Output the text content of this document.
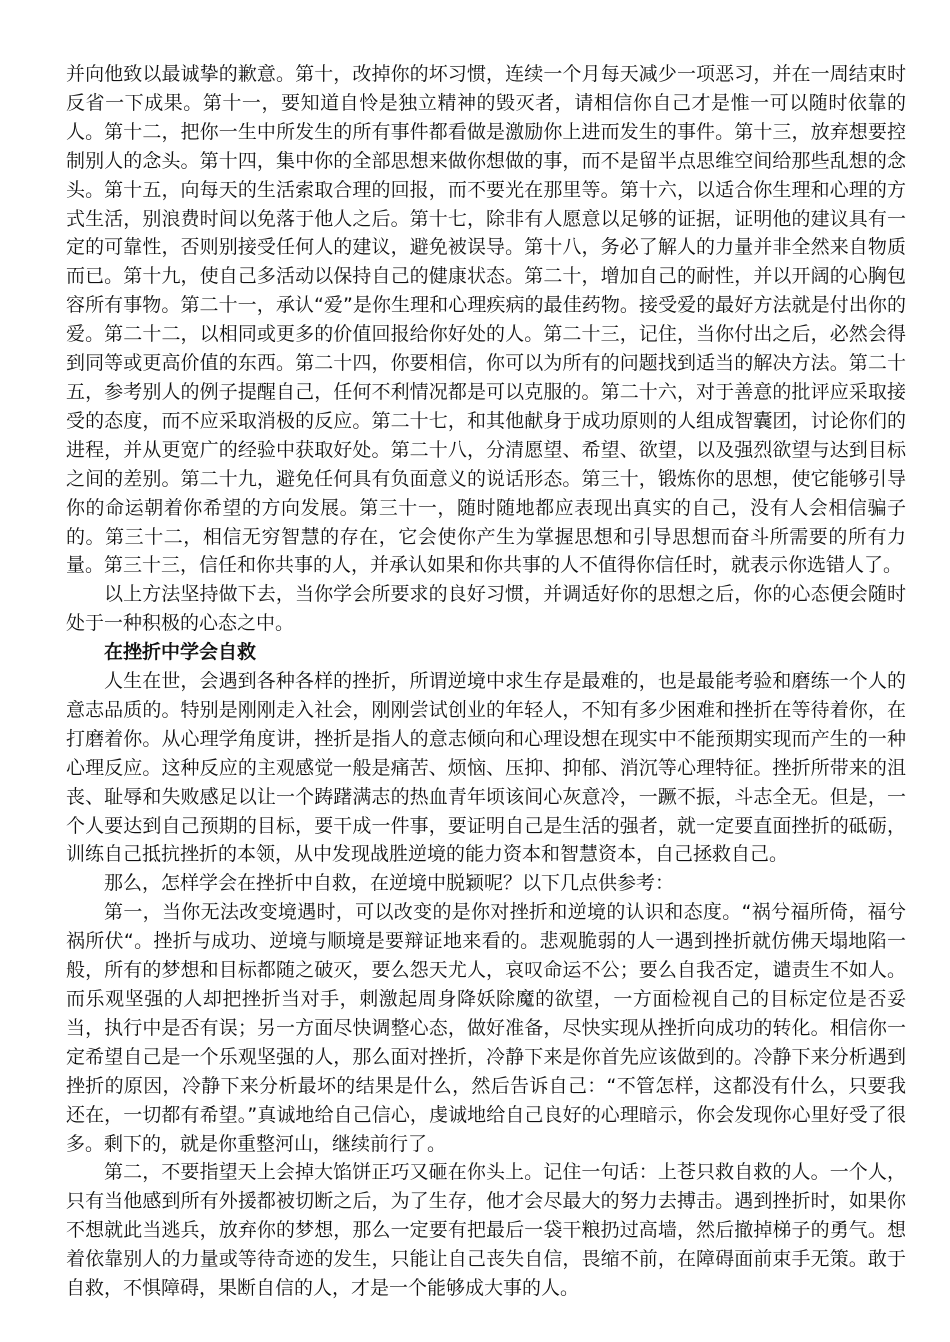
并向他致以最诚挚的歉意。第十，改掉你的坏习惯，连续一个月每天减少一项恶习，并在一周结束时反省一下成果。第十一，要知道自怜是独立精神的毁灭者，请相信你自己才是惟一可以随时依靠的人。第十二，把你一生中所发生的所有事件都看做是激励你上进而发生的事件。第十三，放弃想要控制别人的念头。第十四，集中你的全部思想来做你想做的事，而不是留半点思维空间给那些乱想的念头。第十五，向每天的生活索取合理的回报，而不要光在那里等。第十六，以适合你生理和心理的方式生活，别浪费时间以免落于他人之后。第十七，除非有人愿意以足够的证据，证明他的建议具有一定的可靠性，否则别接受任何人的建议，避免被误导。第十八，务必了解人的力量并非全然来自物质而已。第十九，使自己多活动以保持自己的健康状态。第二十，增加自己的耐性，并以开阔的心胸包容所有事物。第二十一，承认“爱”是你生理和心理疾病的最佳药物。接受爱的最好方法就是付出你的爱。第二十二，以相同或更多的价值回报给你好处的人。第二十三，记住，当你付出之后，必然会得到同等或更高价值的东西。第二十四，你要相信，你可以为所有的问题找到适当的解决方法。第二十五，参考别人的例子提醒自己，任何不利情况都是可以克服的。第二十六，对于善意的批评应采取接受的态度，而不应采取消极的反应。第二十七，和其他献身于成功原则的人组成智囊团，讨论你们的进程，并从更宽广的经验中获取好处。第二十八，分清愿望、希望、欲望，以及强烈欲望与达到目标之间的差别。第二十九，避免任何具有负面意义的说话形态。第三十，锻炼你的思想，使它能够引导你的命运朝着你希望的方向发展。第三十一，随时随地都应表现出真实的自己，没有人会相信骗子的。第三十二，相信无穷智慧的存在，它会使你产生为掌握思想和引导思想而奋斗所需要的所有力量。第三十三，信任和你共事的人，并承认如果和你共事的人不值得你信任时，就表示你选错人了。

以上方法坚持做下去，当你学会所要求的良好习惯，并调适好你的思想之后，你的心态便会随时处于一种积极的心态之中。

在挫折中学会自救

人生在世，会遇到各种各样的挫折，所谓逆境中求生存是最难的，也是最能考验和磨练一个人的意志品质的。特别是刚刚走入社会，刚刚尝试创业的年轻人，不知有多少困难和挫折在等待着你，在打磨着你。从心理学角度讲，挫折是指人的意志倾向和心理设想在现实中不能预期实现而产生的一种心理反应。这种反应的主观感觉一般是痛苦、烦恼、压抑、抑郁、消沉等心理特征。挫折所带来的沮丧、耻辱和失败感足以让一个踌躇满志的热血青年顷该间心灰意冷，一蹶不振，斗志全无。但是，一个人要达到自己预期的目标，要干成一件事，要证明自己是生活的强者，就一定要直面挫折的砥砺，训练自己抵抗挫折的本领，从中发现战胜逆境的能力资本和智慧资本，自己拯救自己。

那么，怎样学会在挫折中自救，在逆境中脱颖呢？以下几点供参考：

第一，当你无法改变境遇时，可以改变的是你对挫折和逆境的认识和态度。“祸兮福所倚，福兮祸所伏“。挫折与成功、逆境与顺境是要辩证地来看的。悲观脆弱的人一遇到挫折就仿佛天塌地陷一般，所有的梦想和目标都随之破灭，要么怨天尤人，哀叹命运不公；要么自我否定，谴责生不如人。而乐观坚强的人却把挫折当对手，刺激起周身降妖除魔的欲望，一方面检视自己的目标定位是否妥当，执行中是否有误；另一方面尽快调整心态，做好准备，尽快实现从挫折向成功的转化。相信你一定希望自己是一个乐观坚强的人，那么面对挫折，冷静下来是你首先应该做到的。冷静下来分析遇到挫折的原因，冷静下来分析最坏的结果是什么，然后告诉自己：“不管怎样，这都没有什么，只要我还在，一切都有希望。”真诚地给自己信心，虔诚地给自己良好的心理暗示，你会发现你心里好受了很多。剩下的，就是你重整河山，继续前行了。

第二，不要指望天上会掉大馅饼正巧又砸在你头上。记住一句话：上苍只救自救的人。一个人，只有当他感到所有外援都被切断之后，为了生存，他才会尽最大的努力去搏击。遇到挫折时，如果你不想就此当逃兵，放弃你的梦想，那么一定要有把最后一袋干粮扔过高墙，然后撤掉梯子的勇气。想着依靠别人的力量或等待奇迹的发生，只能让自己丧失自信，畏缩不前，在障碍面前束手无策。敢于自救，不惧障碍，果断自信的人，才是一个能够成大事的人。
